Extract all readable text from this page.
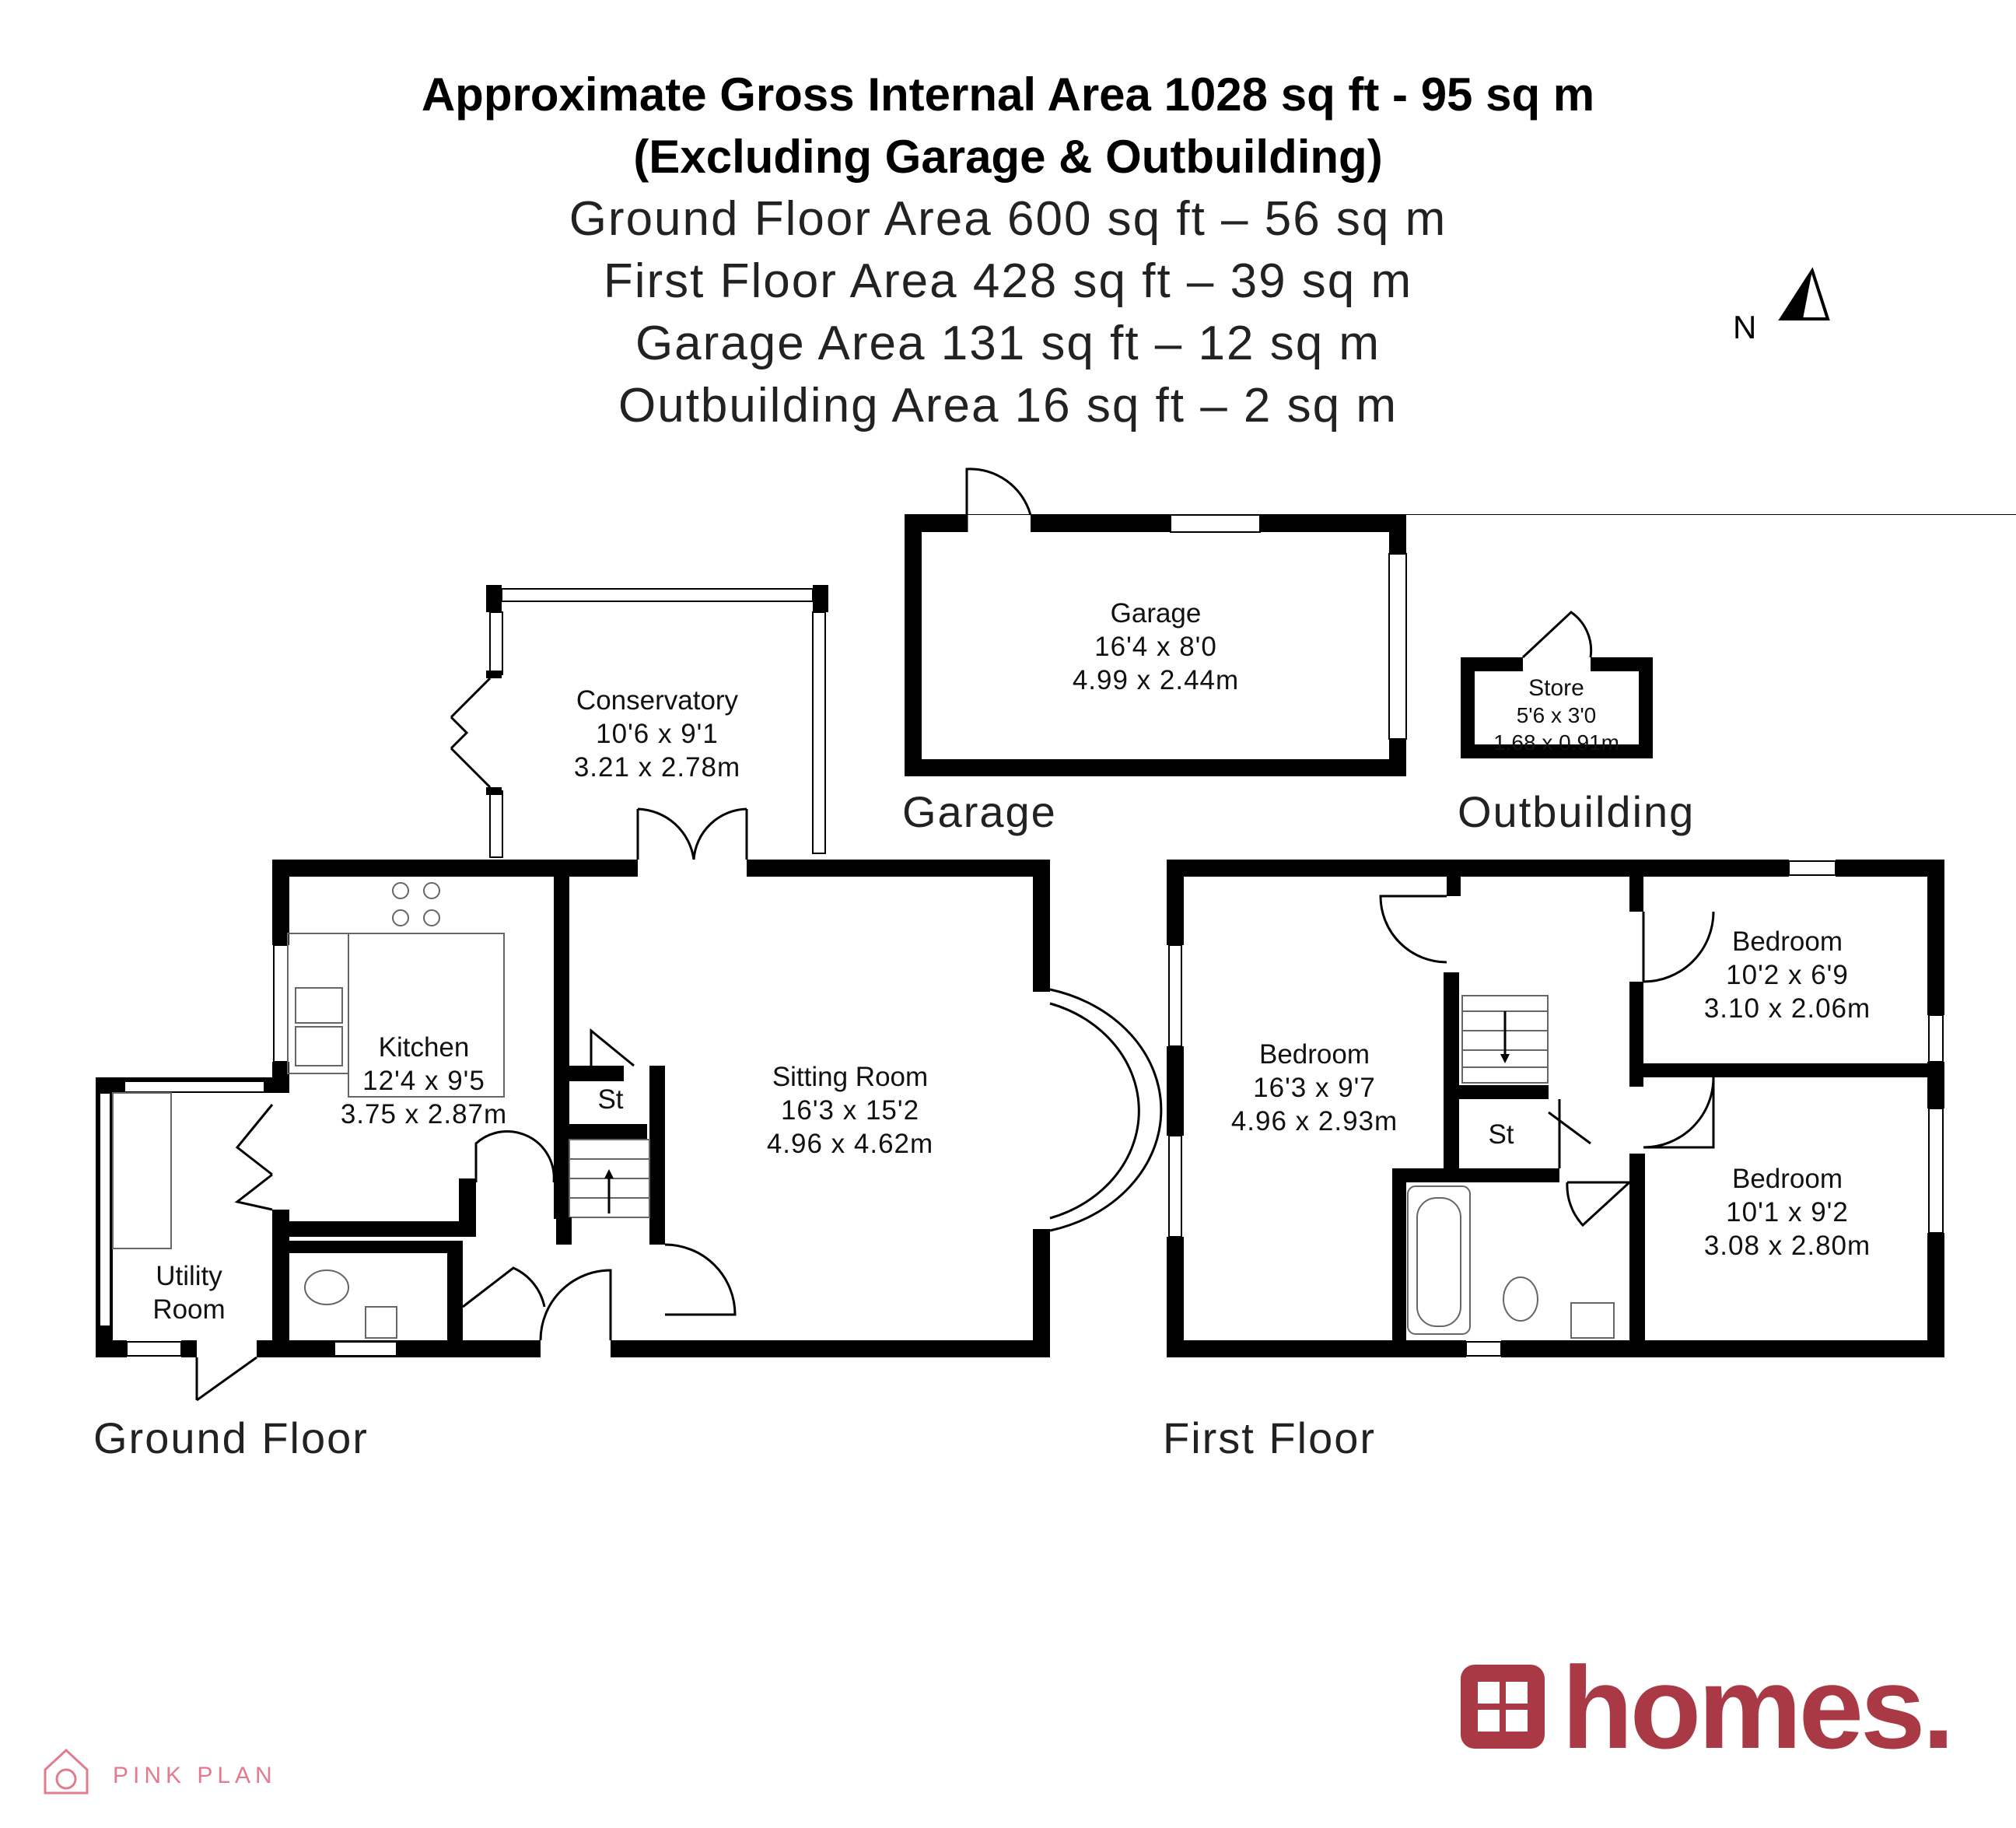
Approximate Gross Internal Area 1028 sq ft - 95 sq m
(Excluding Garage & Outbuilding)
Ground Floor Area 600 sq ft – 56 sq m
First Floor Area 428 sq ft – 39 sq m
Garage Area 131 sq ft – 12 sq m
Outbuilding Area 16 sq ft – 2 sq m
N
Garage
16'4 x 8'0
4.99 x 2.44m
Garage
Store
5'6 x 3'0
1.68 x 0.91m
Outbuilding
St
Conservatory
10'6 x 9'1
3.21 x 2.78m
Kitchen
12'4 x 9'5
3.75 x 2.87m
Sitting Room
16'3 x 15'2
4.96 x 4.62m
Utility
Room
Ground Floor
Bedroom
10'2 x 6'9
3.10 x 2.06m
Bedroom
16'3 x 9'7
4.96 x 2.93m
Bedroom
10'1 x 9'2
3.08 x 2.80m
St
First Floor
homes.
PINK PLAN
